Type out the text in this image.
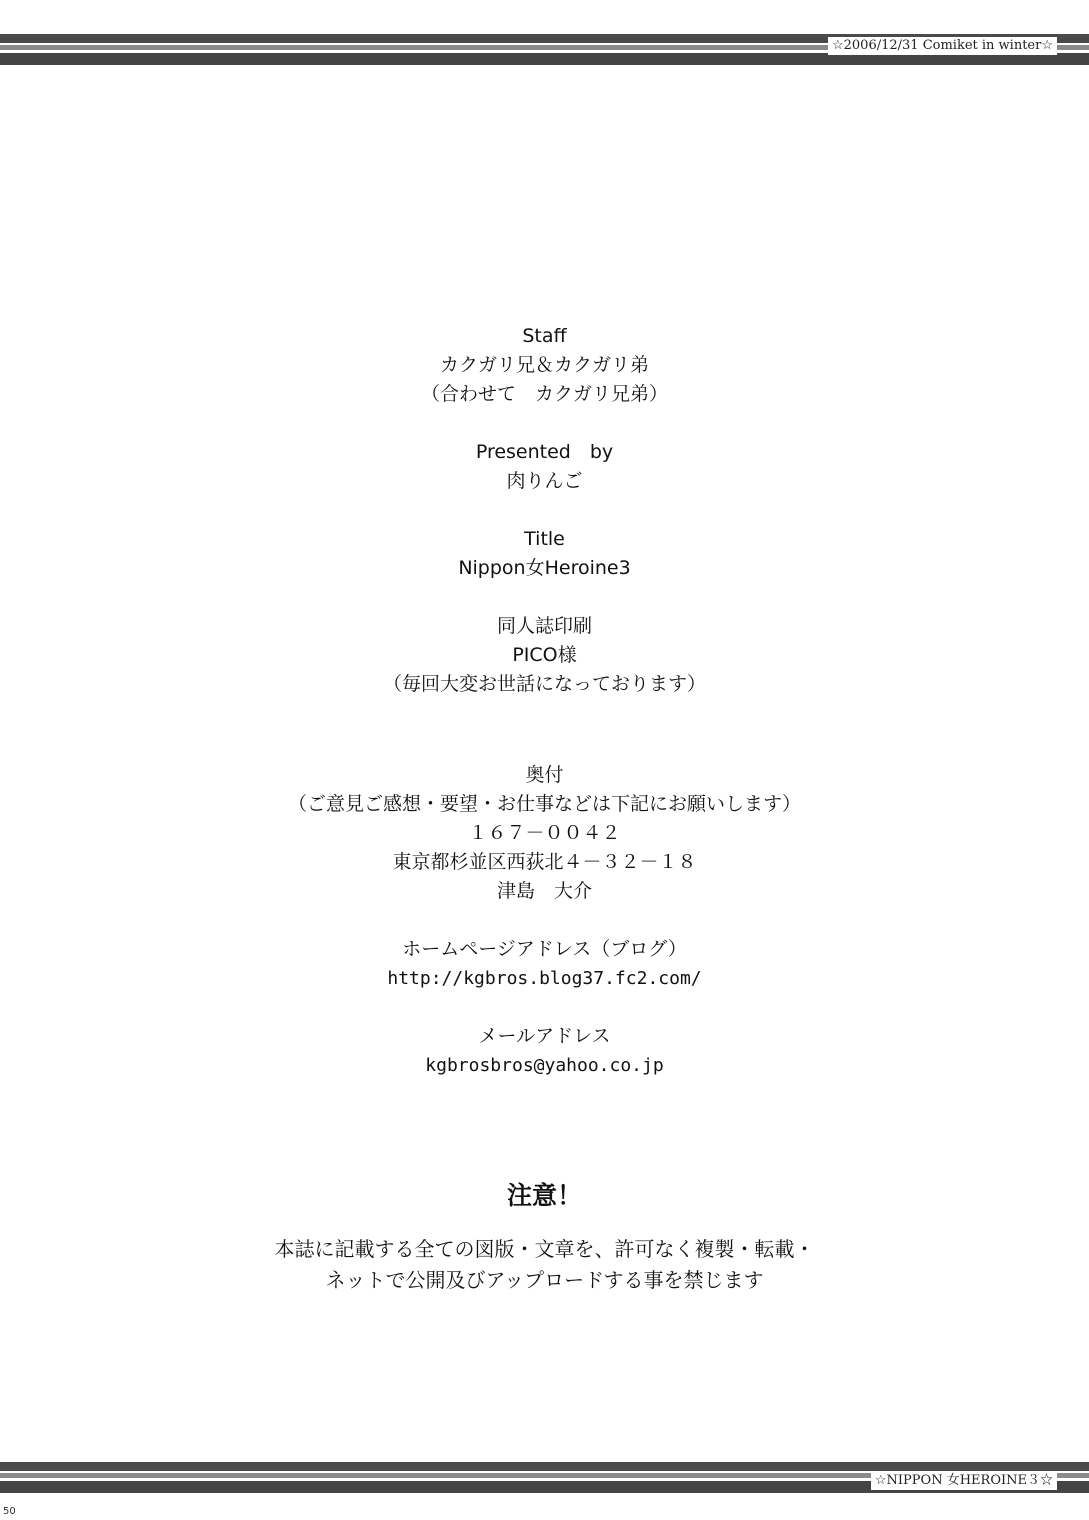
☆2006/12/31 Comiket in winter☆
Staff
カクガリ兄＆カクガリ弟
（合わせて　カクガリ兄弟）
Presented　by
肉りんご
Title
Nippon女Heroine3
同人誌印刷
PICO様
（毎回大変お世話になっております）
奥付
（ご意見ご感想・要望・お仕事などは下記にお願いします）
１６７－００４２
東京都杉並区西荻北４－３２－１８
津島　大介
ホームページアドレス（ブログ）
http://kgbros.blog37.fc2.com/
メールアドレス
kgbrosbros@yahoo.co.jp
注意！
本誌に記載する全ての図版・文章を、許可なく複製・転載・
ネットで公開及びアップロードする事を禁じます
☆NIPPON 女HEROINE３☆
50
